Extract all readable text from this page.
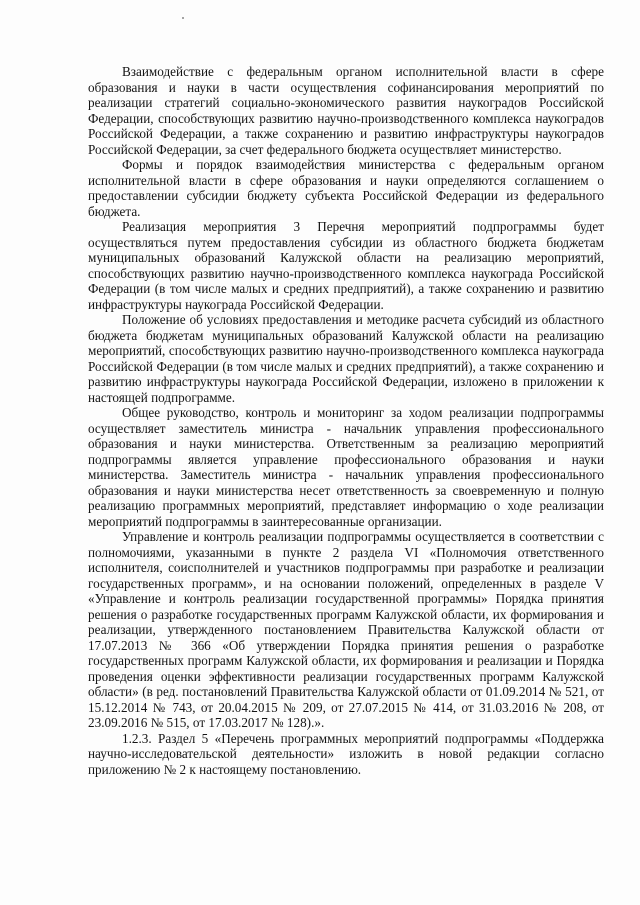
Взаимодействие с федеральным органом исполнительной власти в сфере образования и науки в части осуществления софинансирования мероприятий по реализации стратегий социально-экономического развития наукоградов Российской Федерации, способствующих развитию научно-производственного комплекса наукоградов Российской Федерации, а также сохранению и развитию инфраструктуры наукоградов Российской Федерации, за счет федерального бюджета осуществляет министерство.

Формы и порядок взаимодействия министерства с федеральным органом исполнительной власти в сфере образования и науки определяются соглашением о предоставлении субсидии бюджету субъекта Российской Федерации из федерального бюджета.

Реализация мероприятия 3 Перечня мероприятий подпрограммы будет осуществляться путем предоставления субсидии из областного бюджета бюджетам муниципальных образований Калужской области на реализацию мероприятий, способствующих развитию научно-производственного комплекса наукограда Российской Федерации (в том числе малых и средних предприятий), а также сохранению и развитию инфраструктуры наукограда Российской Федерации.

Положение об условиях предоставления и методике расчета субсидий из областного бюджета бюджетам муниципальных образований Калужской области на реализацию мероприятий, способствующих развитию научно-производственного комплекса наукограда Российской Федерации (в том числе малых и средних предприятий), а также сохранению и развитию инфраструктуры наукограда Российской Федерации, изложено в приложении к настоящей подпрограмме.

Общее руководство, контроль и мониторинг за ходом реализации подпрограммы осуществляет заместитель министра - начальник управления профессионального образования и науки министерства. Ответственным за реализацию мероприятий подпрограммы является управление профессионального образования и науки министерства. Заместитель министра - начальник управления профессионального образования и науки министерства несет ответственность за своевременную и полную реализацию программных мероприятий, представляет информацию о ходе реализации мероприятий подпрограммы в заинтересованные организации.

Управление и контроль реализации подпрограммы осуществляется в соответствии с полномочиями, указанными в пункте 2 раздела VI «Полномочия ответственного исполнителя, соисполнителей и участников подпрограммы при разработке и реализации государственных программ», и на основании положений, определенных в разделе V «Управление и контроль реализации государственной программы» Порядка принятия решения о разработке государственных программ Калужской области, их формирования и реализации, утвержденного постановлением Правительства Калужской области от 17.07.2013 № 366 «Об утверждении Порядка принятия решения о разработке государственных программ Калужской области, их формирования и реализации и Порядка проведения оценки эффективности реализации государственных программ Калужской области» (в ред. постановлений Правительства Калужской области от 01.09.2014 № 521, от 15.12.2014 № 743, от 20.04.2015 № 209, от 27.07.2015 № 414, от 31.03.2016 № 208, от 23.09.2016 № 515, от 17.03.2017 № 128).».

1.2.3. Раздел 5 «Перечень программных мероприятий подпрограммы «Поддержка научно-исследовательской деятельности» изложить в новой редакции согласно приложению № 2 к настоящему постановлению.
